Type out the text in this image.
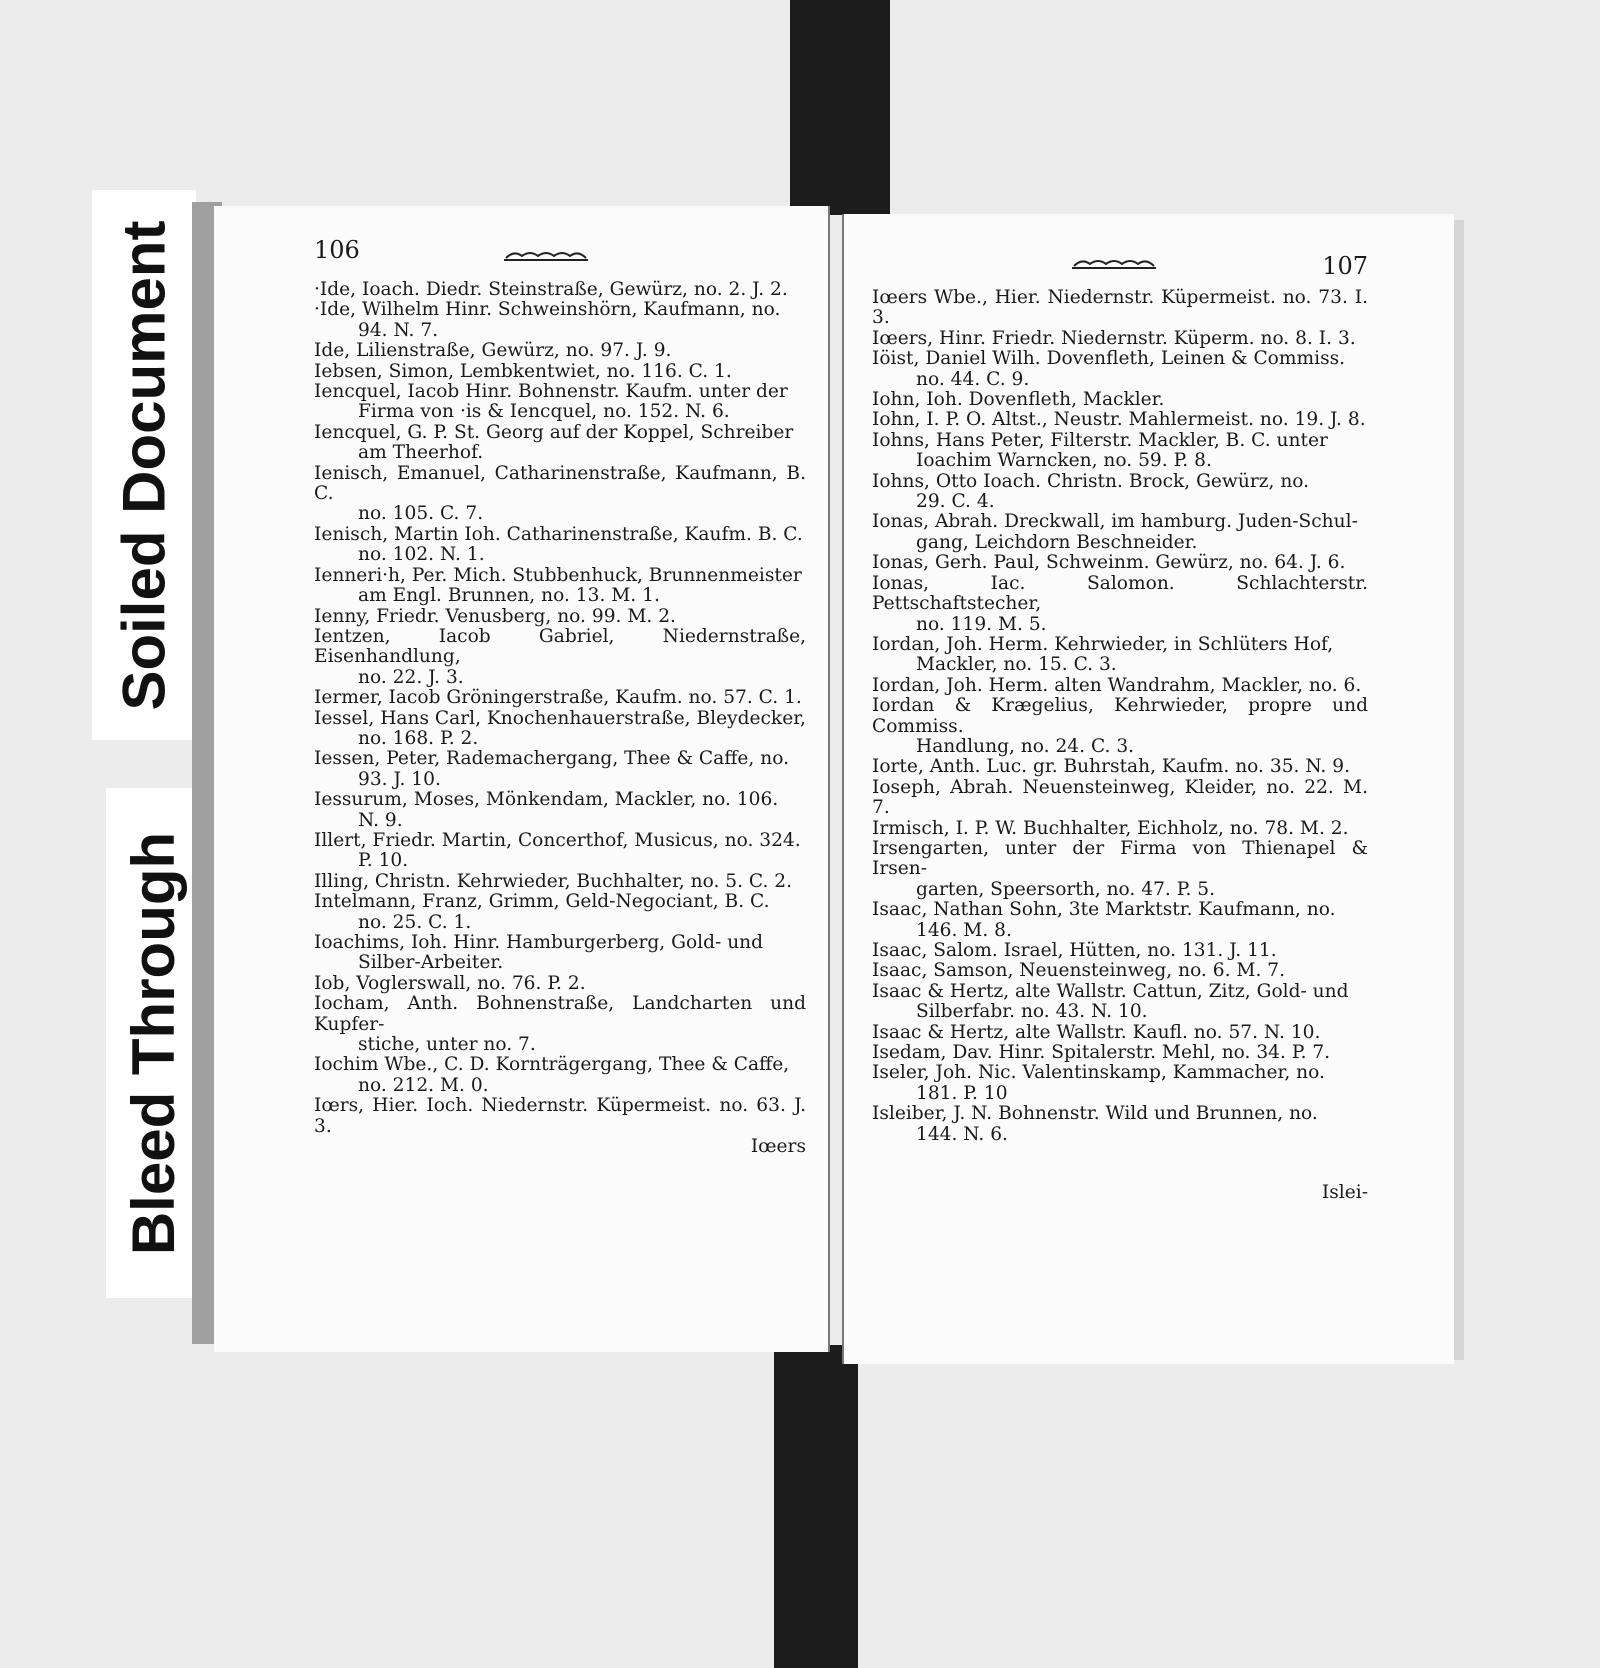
Soiled Document
Bleed Through
106
·Ide, Ioach. Diedr. Steinstraße, Gewürz, no. 2. J. 2.
·Ide, Wilhelm Hinr. Schweinshörn, Kaufmann, no.
94. N. 7.
Ide, Lilienstraße, Gewürz, no. 97. J. 9.
Iebsen, Simon, Lembkentwiet, no. 116. C. 1.
Iencquel, Iacob Hinr. Bohnenstr. Kaufm. unter der
Firma von ·is & Iencquel, no. 152. N. 6.
Iencquel, G. P. St. Georg auf der Koppel, Schreiber
am Theerhof.
Ienisch, Emanuel, Catharinenstraße, Kaufmann, B. C.
no. 105. C. 7.
Ienisch, Martin Ioh. Catharinenstraße, Kaufm. B. C.
no. 102. N. 1.
Ienneri·h, Per. Mich. Stubbenhuck, Brunnenmeister
am Engl. Brunnen, no. 13. M. 1.
Ienny, Friedr. Venusberg, no. 99. M. 2.
Ientzen, Iacob Gabriel, Niedernstraße, Eisenhandlung,
no. 22. J. 3.
Iermer, Iacob Gröningerstraße, Kaufm. no. 57. C. 1.
Iessel, Hans Carl, Knochenhauerstraße, Bleydecker,
no. 168. P. 2.
Iessen, Peter, Rademachergang, Thee & Caffe, no.
93. J. 10.
Iessurum, Moses, Mönkendam, Mackler, no. 106.
N. 9.
Illert, Friedr. Martin, Concerthof, Musicus, no. 324.
P. 10.
Illing, Christn. Kehrwieder, Buchhalter, no. 5. C. 2.
Intelmann, Franz, Grimm, Geld-Negociant, B. C.
no. 25. C. 1.
Ioachims, Ioh. Hinr. Hamburgerberg, Gold- und
Silber-Arbeiter.
Iob, Voglerswall, no. 76. P. 2.
Iocham, Anth. Bohnenstraße, Landcharten und Kupfer-
stiche, unter no. 7.
Iochim Wbe., C. D. Kornträgergang, Thee & Caffe,
no. 212. M. 0.
Iœrs, Hier. Ioch. Niedernstr. Küpermeist. no. 63. J. 3.
Iœers
107
Iœers Wbe., Hier. Niedernstr. Küpermeist. no. 73. I. 3.
Iœers, Hinr. Friedr. Niedernstr. Küperm. no. 8. I. 3.
Iöist, Daniel Wilh. Dovenfleth, Leinen & Commiss.
no. 44. C. 9.
Iohn, Ioh. Dovenfleth, Mackler.
Iohn, I. P. O. Altst., Neustr. Mahlermeist. no. 19. J. 8.
Iohns, Hans Peter, Filterstr. Mackler, B. C. unter
Ioachim Warncken, no. 59. P. 8.
Iohns, Otto Ioach. Christn. Brock, Gewürz, no.
29. C. 4.
Ionas, Abrah. Dreckwall, im hamburg. Juden-Schul-
gang, Leichdorn Beschneider.
Ionas, Gerh. Paul, Schweinm. Gewürz, no. 64. J. 6.
Ionas, Iac. Salomon. Schlachterstr. Pettschaftstecher,
no. 119. M. 5.
Iordan, Joh. Herm. Kehrwieder, in Schlüters Hof,
Mackler, no. 15. C. 3.
Iordan, Joh. Herm. alten Wandrahm, Mackler, no. 6.
Iordan & Krægelius, Kehrwieder, propre und Commiss.
Handlung, no. 24. C. 3.
Iorte, Anth. Luc. gr. Buhrstah, Kaufm. no. 35. N. 9.
Ioseph, Abrah. Neuensteinweg, Kleider, no. 22. M. 7.
Irmisch, I. P. W. Buchhalter, Eichholz, no. 78. M. 2.
Irsengarten, unter der Firma von Thienapel & Irsen-
garten, Speersorth, no. 47. P. 5.
Isaac, Nathan Sohn, 3te Marktstr. Kaufmann, no.
146. M. 8.
Isaac, Salom. Israel, Hütten, no. 131. J. 11.
Isaac, Samson, Neuensteinweg, no. 6. M. 7.
Isaac & Hertz, alte Wallstr. Cattun, Zitz, Gold- und
Silberfabr. no. 43. N. 10.
Isaac & Hertz, alte Wallstr. Kaufl. no. 57. N. 10.
Isedam, Dav. Hinr. Spitalerstr. Mehl, no. 34. P. 7.
Iseler, Joh. Nic. Valentinskamp, Kammacher, no.
181. P. 10
Isleiber, J. N. Bohnenstr. Wild und Brunnen, no.
144. N. 6.
Islei-
